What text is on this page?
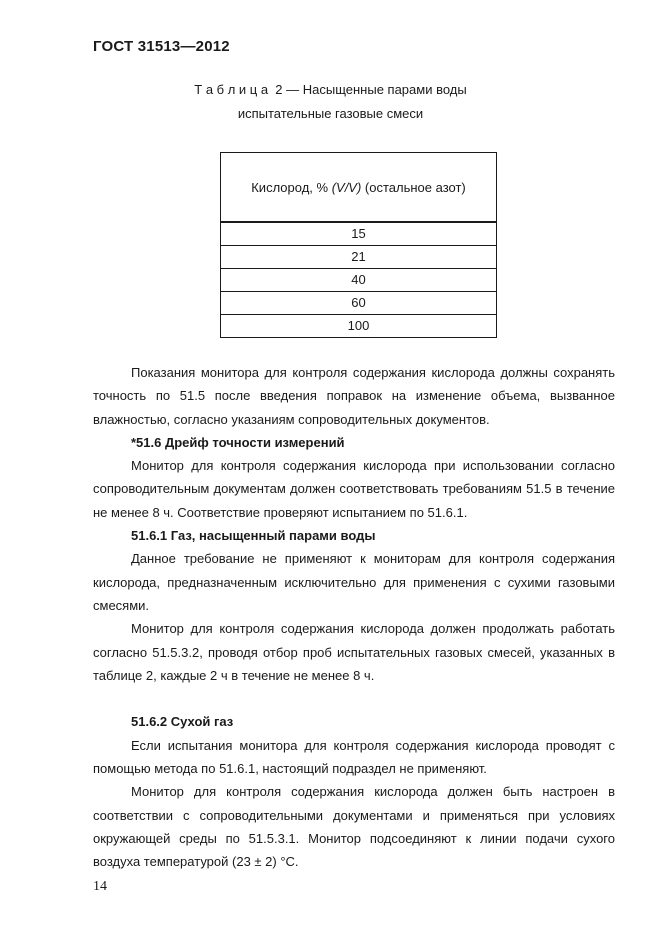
ГОСТ 31513—2012
Т а б л и ц а  2 — Насыщенные парами воды
испытательные газовые смеси
Кислород, % (V/V) (остальное азот)
15
21
40
60
100

Показания монитора для контроля содержания кислорода должны сохранять точность по 51.5 после введения поправок на изменение объема, вызванное влажностью, согласно указаниям сопроводительных документов.

*51.6 Дрейф точности измерений

Монитор для контроля содержания кислорода при использовании согласно сопроводительным документам должен соответствовать требованиям 51.5 в течение не менее 8 ч. Соответствие проверяют испытанием по 51.6.1.

51.6.1 Газ, насыщенный парами воды

Данное требование не применяют к мониторам для контроля содержания кислорода, предназначенным исключительно для применения с сухими газовыми смесями.

Монитор для контроля содержания кислорода должен продолжать работать согласно 51.5.3.2, проводя отбор проб испытательных газовых смесей, указанных в таблице 2, каждые 2 ч в течение не менее 8 ч.

51.6.2 Сухой газ

Если испытания монитора для контроля содержания кислорода проводят с помощью метода по 51.6.1, настоящий подраздел не применяют.

Монитор для контроля содержания кислорода должен быть настроен в соответствии с сопроводительными документами и применяться при условиях окружающей среды по 51.5.3.1. Монитор подсоединяют к линии подачи сухого воздуха температурой (23 ± 2) °С.

14
